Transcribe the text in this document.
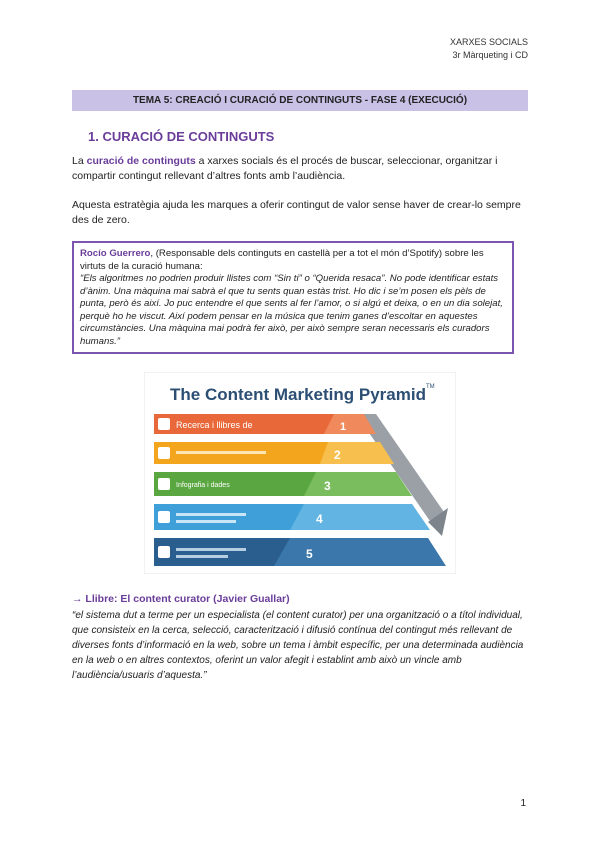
XARXES SOCIALS
3r Màrqueting i CD
TEMA 5: CREACIÓ I CURACIÓ DE CONTINGUTS - FASE 4 (EXECUCIÓ)
1. CURACIÓ DE CONTINGUTS
La curació de continguts a xarxes socials és el procés de buscar, seleccionar, organitzar i compartir contingut rellevant d’altres fonts amb l’audiència.
Aquesta estratègia ajuda les marques a oferir contingut de valor sense haver de crear-lo sempre des de zero.
Rocío Guerrero, (Responsable dels continguts en castellà per a tot el món d’Spotify) sobre les virtuts de la curació humana:
“Els algoritmes no podrien produir llistes com “Sin ti” o “Querida resaca”. No pode identificar estats d’ànim. Una màquina mai sabrà el que tu sents quan estàs trist. Ho dic i se’m posen els pèls de punta, però és així. Jo puc entendre el que sents al fer l’amor, o si algú et deixa, o en un dia solejat, perquè ho he viscut. Així podem pensar en la música que tenim ganes d’escoltar en aquestes circumstàncies. Una màquina mai podrà fer això, per això sempre seran necessaris els curadors humans.”
The Content Marketing Pyramid TM
Recerca i llibres de
Infografia i dades
1
2
3
4
5
→ Llibre: El content curator (Javier Guallar)
“el sistema dut a terme per un especialista (el content curator) per una organització o a títol individual, que consisteix en la cerca, selecció, caracterització i difusió contínua del contingut més rellevant de diverses fonts d’informació en la web, sobre un tema i àmbit específic, per una determinada audiència en la web o en altres contextos, oferint un valor afegit i establint amb això un vincle amb l’audiència/usuaris d’aquesta.”
1
